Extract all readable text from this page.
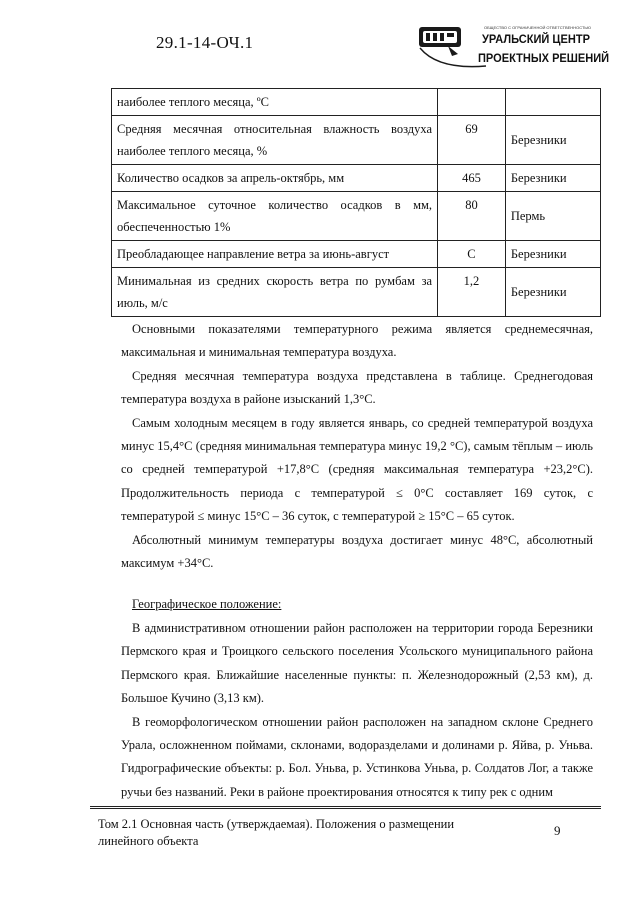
29.1-14-ОЧ.1
ОБЩЕСТВО С ОГРАНИЧЕННОЙ ОТВЕТСТВЕННОСТЬЮ
УРАЛЬСКИЙ ЦЕНТР
ПРОЕКТНЫХ РЕШЕНИЙ
наиболее теплого месяца, ºС		
Средняя месячная относительная влажность воздуха наиболее теплого месяца, %	69	Березники
Количество осадков за апрель-октябрь, мм	465	Березники
Максимальное суточное количество осадков в мм, обеспеченностью 1%	80	Пермь
Преобладающее направление ветра за июнь-август	С	Березники
Минимальная из средних скорость ветра по румбам за июль, м/с	1,2	Березники

Основными показателями температурного режима является среднемесячная, максимальная и минимальная температура воздуха.

Средняя месячная температура воздуха представлена в таблице. Среднегодовая температура воздуха в районе изысканий 1,3°С.

Самым холодным месяцем в году является январь, со средней температурой воздуха минус 15,4°С (средняя минимальная температура минус 19,2 °С), самым тёплым – июль со средней температурой +17,8°С (средняя максимальная температура +23,2°С). Продолжительность периода с температурой ≤ 0°С составляет 169 суток, с температурой ≤ минус 15°С – 36 суток, с температурой ≥ 15°С – 65 суток.

Абсолютный минимум температуры воздуха достигает минус 48°С, абсолютный максимум +34°С.

Географическое положение:

В административном отношении район расположен на территории города Березники Пермского края и Троицкого сельского поселения Усольского муниципального района Пермского края. Ближайшие населенные пункты: п. Железнодорожный (2,53 км), д. Большое Кучино (3,13 км).

В геоморфологическом отношении район расположен на западном склоне Среднего Урала, осложненном поймами, склонами, водоразделами и долинами р. Яйва, р. Уньва. Гидрографические объекты: р. Бол. Уньва, р. Устинкова Уньва, р. Солдатов Лог, а также ручьи без названий. Реки в районе проектирования относятся к типу рек с одним

Том 2.1 Основная часть (утверждаемая). Положения о размещении линейного объекта
9
